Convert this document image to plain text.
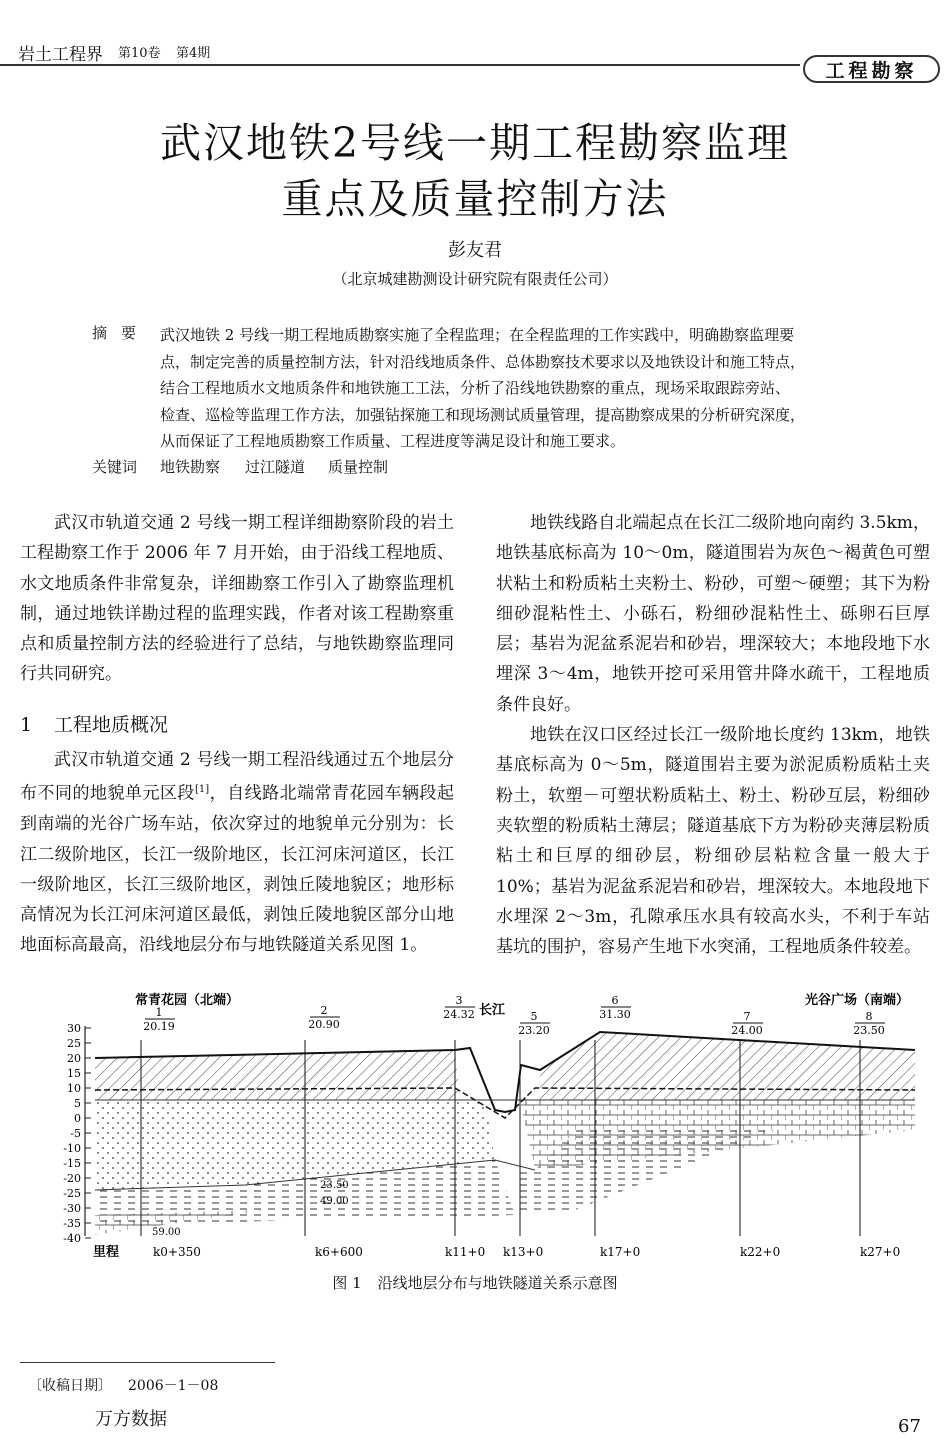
岩土工程界 第10卷 第4期
工程勘察
武汉地铁2号线一期工程勘察监理
重点及质量控制方法
彭友君
（北京城建勘测设计研究院有限责任公司）
摘要 武汉地铁 2 号线一期工程地质勘察实施了全程监理；在全程监理的工作实践中，明确勘察监理要
点，制定完善的质量控制方法，针对沿线地质条件、总体勘察技术要求以及地铁设计和施工特点，
结合工程地质水文地质条件和地铁施工工法，分析了沿线地铁勘察的重点，现场采取跟踪旁站、
检查、巡检等监理工作方法，加强钻探施工和现场测试质量管理，提高勘察成果的分析研究深度，
从而保证了工程地质勘察工作质量、工程进度等满足设计和施工要求。
关键词 地铁勘察 过江隧道 质量控制

武汉市轨道交通 2 号线一期工程详细勘察阶段的岩土工程勘察工作于 2006 年 7 月开始，由于沿线工程地质、水文地质条件非常复杂，详细勘察工作引入了勘察监理机制，通过地铁详勘过程的监理实践，作者对该工程勘察重点和质量控制方法的经验进行了总结，与地铁勘察监理同行共同研究。

1 工程地质概况

武汉市轨道交通 2 号线一期工程沿线通过五个地层分布不同的地貌单元区段[1]，自线路北端常青花园车辆段起到南端的光谷广场车站，依次穿过的地貌单元分别为：长江二级阶地区，长江一级阶地区，长江河床河道区，长江一级阶地区，长江三级阶地区，剥蚀丘陵地貌区；地形标高情况为长江河床河道区最低，剥蚀丘陵地貌区部分山地地面标高最高，沿线地层分布与地铁隧道关系见图 1。

地铁线路自北端起点在长江二级阶地向南约 3.5km，地铁基底标高为 10～0m，隧道围岩为灰色～褐黄色可塑状粘土和粉质粘土夹粉土、粉砂，可塑～硬塑；其下为粉细砂混粘性土、小砾石，粉细砂混粘性土、砾卵石巨厚层；基岩为泥盆系泥岩和砂岩，埋深较大；本地段地下水埋深 3～4m，地铁开挖可采用管井降水疏干，工程地质条件良好。

地铁在汉口区经过长江一级阶地长度约 13km，地铁基底标高为 0～5m，隧道围岩主要为淤泥质粉质粘土夹粉土，软塑－可塑状粉质粘土、粉土、粉砂互层，粉细砂夹软塑的粉质粘土薄层；隧道基底下方为粉砂夹薄层粉质粘土和巨厚的细砂层，粉细砂层粘粒含量一般大于 10%；基岩为泥盆系泥岩和砂岩，埋深较大。本地段地下水埋深 2～3m，孔隙承压水具有较高水头，不利于车站基坑的围护，容易产生地下水突涌，工程地质条件较差。

30
25
20
15
10
5
0
-5
-10
-15
-20
-25
-30
-35
-40
1
20.19
2
20.90
3
24.32	5
23.20
6
31.30	7
24.00
8
23.50
k0+350	k6+600	k11+0 k13+0	k17+0	k22+0	k27+0
常青花园（北端）
长江
光谷广场（南端）
里程
23.50
49.00
59.00
图 1 沿线地层分布与地铁隧道关系示意图
〔收稿日期〕 2006－1－08
万方数据	67
